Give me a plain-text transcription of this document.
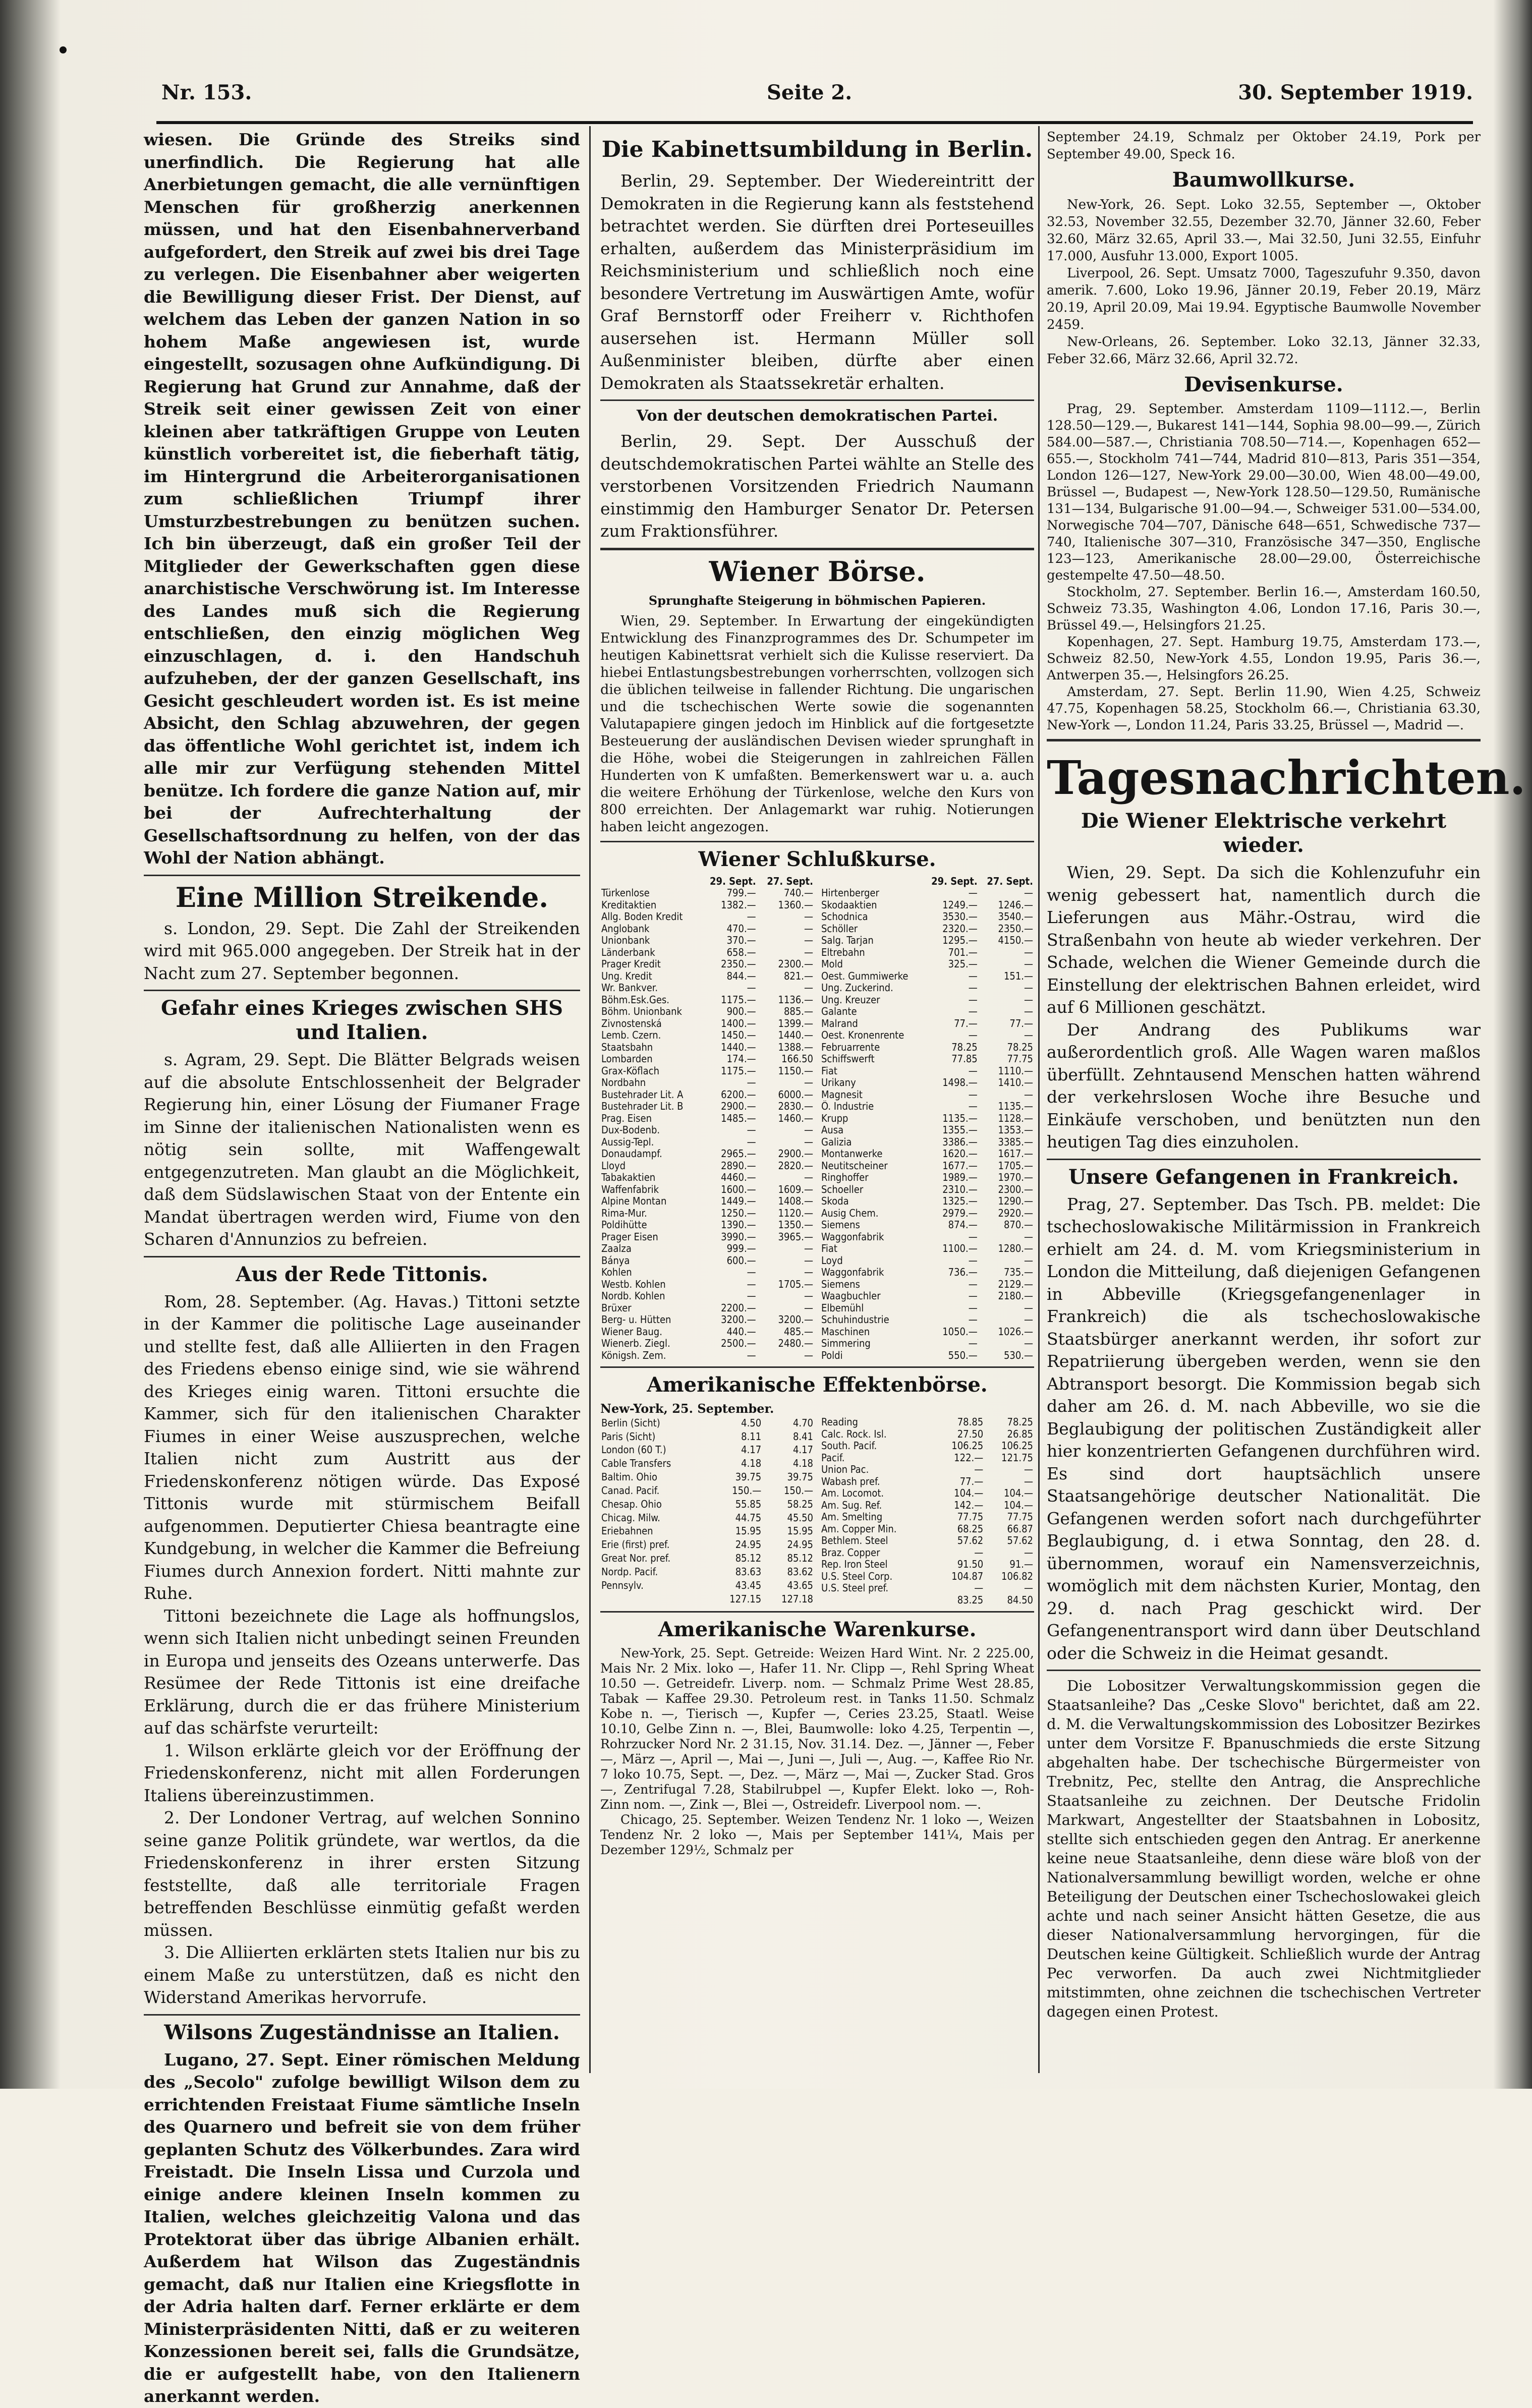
Nr. 153.	Seite 2.	30. September 1919.

wiesen. Die Gründe des Streiks sind unerfindlich. Die Regierung hat alle Anerbietungen gemacht, die alle vernünftigen Menschen für großherzig anerkennen müssen, und hat den Eisenbahnerverband aufgefordert, den Streik auf zwei bis drei Tage zu verlegen. Die Eisenbahner aber weigerten die Bewilligung dieser Frist. Der Dienst, auf welchem das Leben der ganzen Nation in so hohem Maße angewiesen ist, wurde eingestellt, sozusagen ohne Aufkündigung. Di Regierung hat Grund zur Annahme, daß der Streik seit einer gewissen Zeit von einer kleinen aber tatkräftigen Gruppe von Leuten künstlich vorbereitet ist, die fieberhaft tätig, im Hintergrund die Arbeiterorganisationen zum schließlichen Triumpf ihrer Umsturzbestrebungen zu benützen suchen. Ich bin überzeugt, daß ein großer Teil der Mitglieder der Gewerkschaften ggen diese anarchistische Verschwörung ist. Im Interesse des Landes muß sich die Regierung entschließen, den einzig möglichen Weg einzuschlagen, d. i. den Handschuh aufzuheben, der der ganzen Gesellschaft, ins Gesicht geschleudert worden ist. Es ist meine Absicht, den Schlag abzuwehren, der gegen das öffentliche Wohl gerichtet ist, indem ich alle mir zur Verfügung stehenden Mittel benütze. Ich fordere die ganze Nation auf, mir bei der Aufrechterhaltung der Gesellschaftsordnung zu helfen, von der das Wohl der Nation abhängt.

Eine Million Streikende.

s. London, 29. Sept. Die Zahl der Streikenden wird mit 965.000 angegeben. Der Streik hat in der Nacht zum 27. September begonnen.

Gefahr eines Krieges zwischen SHS und Italien.

s. Agram, 29. Sept. Die Blätter Belgrads weisen auf die absolute Entschlossenheit der Belgrader Regierung hin, einer Lösung der Fiumaner Frage im Sinne der italienischen Nationalisten wenn es nötig sein sollte, mit Waffengewalt entgegenzutreten. Man glaubt an die Möglichkeit, daß dem Südslawischen Staat von der Entente ein Mandat übertragen werden wird, Fiume von den Scharen d'Annunzios zu befreien.

Aus der Rede Tittonis.

Rom, 28. September. (Ag. Havas.) Tittoni setzte in der Kammer die politische Lage auseinander und stellte fest, daß alle Alliierten in den Fragen des Friedens ebenso einige sind, wie sie während des Krieges einig waren. Tittoni ersuchte die Kammer, sich für den italienischen Charakter Fiumes in einer Weise auszusprechen, welche Italien nicht zum Austritt aus der Friedenskonferenz nötigen würde. Das Exposé Tittonis wurde mit stürmischem Beifall aufgenommen. Deputierter Chiesa beantragte eine Kundgebung, in welcher die Kammer die Befreiung Fiumes durch Annexion fordert. Nitti mahnte zur Ruhe.

Tittoni bezeichnete die Lage als hoffnungslos, wenn sich Italien nicht unbedingt seinen Freunden in Europa und jenseits des Ozeans unterwerfe. Das Resümee der Rede Tittonis ist eine dreifache Erklärung, durch die er das frühere Ministerium auf das schärfste verurteilt:

1. Wilson erklärte gleich vor der Eröffnung der Friedenskonferenz, nicht mit allen Forderungen Italiens übereinzustimmen.

2. Der Londoner Vertrag, auf welchen Sonnino seine ganze Politik gründete, war wertlos, da die Friedenskonferenz in ihrer ersten Sitzung feststellte, daß alle territoriale Fragen betreffenden Beschlüsse einmütig gefaßt werden müssen.

3. Die Alliierten erklärten stets Italien nur bis zu einem Maße zu unterstützen, daß es nicht den Widerstand Amerikas hervorrufe.

Wilsons Zugeständnisse an Italien.

Lugano, 27. Sept. Einer römischen Meldung des „Secolo" zufolge bewilligt Wilson dem zu errichtenden Freistaat Fiume sämtliche Inseln des Quarnero und befreit sie von dem früher geplanten Schutz des Völkerbundes. Zara wird Freistadt. Die Inseln Lissa und Curzola und einige andere kleinen Inseln kommen zu Italien, welches gleichzeitig Valona und das Protektorat über das übrige Albanien erhält. Außerdem hat Wilson das Zugeständnis gemacht, daß nur Italien eine Kriegsflotte in der Adria halten darf. Ferner erklärte er dem Ministerpräsidenten Nitti, daß er zu weiteren Konzessionen bereit sei, falls die Grundsätze, die er aufgestellt habe, von den Italienern anerkannt werden.

Die Kabinettsumbildung in Berlin.

Berlin, 29. September. Der Wiedereintritt der Demokraten in die Regierung kann als feststehend betrachtet werden. Sie dürften drei Porteseuilles erhalten, außerdem das Ministerpräsidium im Reichsministerium und schließlich noch eine besondere Vertretung im Auswärtigen Amte, wofür Graf Bernstorff oder Freiherr v. Richthofen ausersehen ist. Hermann Müller soll Außenminister bleiben, dürfte aber einen Demokraten als Staatssekretär erhalten.

Von der deutschen demokratischen Partei.

Berlin, 29. Sept. Der Ausschuß der deutschdemokratischen Partei wählte an Stelle des verstorbenen Vorsitzenden Friedrich Naumann einstimmig den Hamburger Senator Dr. Petersen zum Fraktionsführer.

Wiener Börse.
Sprunghafte Steigerung in böhmischen Papieren.

Wien, 29. September. In Erwartung der eingekündigten Entwicklung des Finanzprogrammes des Dr. Schumpeter im heutigen Kabinettsrat verhielt sich die Kulisse reserviert. Da hiebei Entlastungsbestrebungen vorherrschten, vollzogen sich die üblichen teilweise in fallender Richtung. Die ungarischen und die tschechischen Werte sowie die sogenannten Valutapapiere gingen jedoch im Hinblick auf die fortgesetzte Besteuerung der ausländischen Devisen wieder sprunghaft in die Höhe, wobei die Steigerungen in zahlreichen Fällen Hunderten von K umfaßten. Bemerkenswert war u. a. auch die weitere Erhöhung der Türkenlose, welche den Kurs von 800 erreichten. Der Anlagemarkt war ruhig. Notierungen haben leicht angezogen.

Wiener Schlußkurse.
	29. Sept.	27. Sept.
Türkenlose	799.—	740.—
Kreditaktien	1382.—	1360.—
Allg. Boden Kredit	—	—
Anglobank	470.—	—
Unionbank	370.—	—
Länderbank	658.—	—
Prager Kredit	2350.—	2300.—
Ung. Kredit	844.—	821.—
Wr. Bankver.	—	—
Böhm.Esk.Ges.	1175.—	1136.—
Böhm. Unionbank	900.—	885.—
Zivnostenská	1400.—	1399.—
Lemb. Czern.	1450.—	1440.—
Staatsbahn	1440.—	1388.—
Lombarden	174.—	166.50
Grax-Köflach	1175.—	1150.—
Nordbahn	—	—
Bustehrader Lit. A	6200.—	6000.—
Bustehrader Lit. B	2900.—	2830.—
Prag. Eisen	1485.—	1460.—
Dux-Bodenb.	—	—
Aussig-Tepl.	—	—
Donaudampf.	2965.—	2900.—
Lloyd	2890.—	2820.—
Tabakaktien	4460.—	—
Waffenfabrik	1600.—	1609.—
Alpine Montan	1449.—	1408.—
Rima-Mur.	1250.—	1120.—
Poldihütte	1390.—	1350.—
Prager Eisen	3990.—	3965.—
Zaalza	999.—	—
Bánya	600.—	—
Kohlen	—	—
Westb. Kohlen	—	1705.—
Nordb. Kohlen	—	—
Brüxer	2200.—	—
Berg- u. Hütten	3200.—	3200.—
Wiener Baug.	440.—	485.—
Wienerb. Ziegl.	2500.—	2480.—
Königsh. Zem.	—	—
	29. Sept.	27. Sept.
Hirtenberger	—	—
Skodaaktien	1249.—	1246.—
Schodnica	3530.—	3540.—
Schöller	2320.—	2350.—
Salg. Tarjan	1295.—	4150.—
Eltrebahn	701.—	—
Mold	325.—	—
Oest. Gummiwerke	—	151.—
Ung. Zuckerind.	—	—
Ung. Kreuzer	—	—
Galante	—	—
Malrand	77.—	77.—
Oest. Kronenrente	—	—
Februarrente	78.25	78.25
Schiffswerft	77.85	77.75
Fiat	—	1110.—
Urikany	1498.—	1410.—
Magnesit	—	—
Ö. Industrie	—	1135.—
Krupp	1135.—	1128.—
Ausa	1355.—	1353.—
Galizia	3386.—	3385.—
Montanwerke	1620.—	1617.—
Neutitscheiner	1677.—	1705.—
Ringhoffer	1989.—	1970.—
Schoeller	2310.—	2300.—
Skoda	1325.—	1290.—
Ausig Chem.	2979.—	2920.—
Siemens	874.—	870.—
Waggonfabrik	—	—
Fiat	1100.—	1280.—
Loyd	—	—
Waggonfabrik	736.—	735.—
Siemens	—	2129.—
Waagbuchler	—	2180.—
Elbemühl	—	—
Schuhindustrie	—	—
Maschinen	1050.—	1026.—
Simmering	—	—
Poldi	550.—	530.—
Amerikanische Effektenbörse.
New-York, 25. September.
Berlin (Sicht)	4.50	4.70
Paris (Sicht)	8.11	8.41
London (60 T.)	4.17	4.17
Cable Transfers	4.18	4.18
Baltim. Ohio	39.75	39.75
Canad. Pacif.	150.—	150.—
Chesap. Ohio	55.85	58.25
Chicag. Milw.	44.75	45.50
Eriebahnen	15.95	15.95
Erie (first) pref.	24.95	24.95
Great Nor. pref.	85.12	85.12
Nordp. Pacif.	83.63	83.62
Pennsylv.	43.45	43.65
	127.15	127.18
Reading	78.85	78.25
Calc. Rock. Isl.	27.50	26.85
South. Pacif.	106.25	106.25
Pacif.	122.—	121.75
Union Pac.	—	—
Wabash pref.	77.—	—
Am. Locomot.	104.—	104.—
Am. Sug. Ref.	142.—	104.—
Am. Smelting	77.75	77.75
Am. Copper Min.	68.25	66.87
Bethlem. Steel	57.62	57.62
Braz. Copper	—	—
Rep. Iron Steel	91.50	91.—
U.S. Steel Corp.	104.87	106.82
U.S. Steel pref.	—	—
	83.25	84.50
Amerikanische Warenkurse.

New-York, 25. Sept. Getreide: Weizen Hard Wint. Nr. 2 225.00, Mais Nr. 2 Mix. loko —, Hafer 11. Nr. Clipp —, Rehl Spring Wheat 10.50 —. Getreidefr. Liverp. nom. — Schmalz Prime West 28.85, Tabak — Kaffee 29.30. Petroleum rest. in Tanks 11.50. Schmalz Kobe n. —, Tierisch —, Kupfer —, Ceries 23.25, Staatl. Weise 10.10, Gelbe Zinn n. —, Blei, Baumwolle: loko 4.25, Terpentin —, Rohrzucker Nord Nr. 2 31.15, Nov. 31.14. Dez. —, Jänner —, Feber —, März —, April —, Mai —, Juni —, Juli —, Aug. —, Kaffee Rio Nr. 7 loko 10.75, Sept. —, Dez. —, März —, Mai —, Zucker Stad. Gros —, Zentrifugal 7.28, Stabilrubpel —, Kupfer Elekt. loko —, Roh-Zinn nom. —, Zink —, Blei —, Ostreidefr. Liverpool nom. —.

Chicago, 25. September. Weizen Tendenz Nr. 1 loko —, Weizen Tendenz Nr. 2 loko —, Mais per September 141¼, Mais per Dezember 129½, Schmalz per

September 24.19, Schmalz per Oktober 24.19, Pork per September 49.00, Speck 16.

Baumwollkurse.

New-York, 26. Sept. Loko 32.55, September —, Oktober 32.53, November 32.55, Dezember 32.70, Jänner 32.60, Feber 32.60, März 32.65, April 33.—, Mai 32.50, Juni 32.55, Einfuhr 17.000, Ausfuhr 13.000, Export 1005.

Liverpool, 26. Sept. Umsatz 7000, Tageszufuhr 9.350, davon amerik. 7.600, Loko 19.96, Jänner 20.19, Feber 20.19, März 20.19, April 20.09, Mai 19.94. Egyptische Baumwolle November 2459.

New-Orleans, 26. September. Loko 32.13, Jänner 32.33, Feber 32.66, März 32.66, April 32.72.

Devisenkurse.

Prag, 29. September. Amsterdam 1109—1112.—, Berlin 128.50—129.—, Bukarest 141—144, Sophia 98.00—99.—, Zürich 584.00—587.—, Christiania 708.50—714.—, Kopenhagen 652—655.—, Stockholm 741—744, Madrid 810—813, Paris 351—354, London 126—127, New-York 29.00—30.00, Wien 48.00—49.00, Brüssel —, Budapest —, New-York 128.50—129.50, Rumänische 131—134, Bulgarische 91.00—94.—, Schweiger 531.00—534.00, Norwegische 704—707, Dänische 648—651, Schwedische 737—740, Italienische 307—310, Französische 347—350, Englische 123—123, Amerikanische 28.00—29.00, Österreichische gestempelte 47.50—48.50.

Stockholm, 27. September. Berlin 16.—, Amsterdam 160.50, Schweiz 73.35, Washington 4.06, London 17.16, Paris 30.—, Brüssel 49.—, Helsingfors 21.25.

Kopenhagen, 27. Sept. Hamburg 19.75, Amsterdam 173.—, Schweiz 82.50, New-York 4.55, London 19.95, Paris 36.—, Antwerpen 35.—, Helsingfors 26.25.

Amsterdam, 27. Sept. Berlin 11.90, Wien 4.25, Schweiz 47.75, Kopenhagen 58.25, Stockholm 66.—, Christiania 63.30, New-York —, London 11.24, Paris 33.25, Brüssel —, Madrid —.

Tagesnachrichten.
Die Wiener Elektrische verkehrt wieder.

Wien, 29. Sept. Da sich die Kohlenzufuhr ein wenig gebessert hat, namentlich durch die Lieferungen aus Mähr.-Ostrau, wird die Straßenbahn von heute ab wieder verkehren. Der Schade, welchen die Wiener Gemeinde durch die Einstellung der elektrischen Bahnen erleidet, wird auf 6 Millionen geschätzt.

Der Andrang des Publikums war außerordentlich groß. Alle Wagen waren maßlos überfüllt. Zehntausend Menschen hatten während der verkehrslosen Woche ihre Besuche und Einkäufe verschoben, und benützten nun den heutigen Tag dies einzuholen.

Unsere Gefangenen in Frankreich.

Prag, 27. September. Das Tsch. PB. meldet: Die tschechoslowakische Militärmission in Frankreich erhielt am 24. d. M. vom Kriegsministerium in London die Mitteilung, daß diejenigen Gefangenen in Abbeville (Kriegsgefangenenlager in Frankreich) die als tschechoslowakische Staatsbürger anerkannt werden, ihr sofort zur Repatriierung übergeben werden, wenn sie den Abtransport besorgt. Die Kommission begab sich daher am 26. d. M. nach Abbeville, wo sie die Beglaubigung der politischen Zuständigkeit aller hier konzentrierten Gefangenen durchführen wird. Es sind dort hauptsächlich unsere Staatsangehörige deutscher Nationalität. Die Gefangenen werden sofort nach durchgeführter Beglaubigung, d. i etwa Sonntag, den 28. d. übernommen, worauf ein Namensverzeichnis, womöglich mit dem nächsten Kurier, Montag, den 29. d. nach Prag geschickt wird. Der Gefangenentransport wird dann über Deutschland oder die Schweiz in die Heimat gesandt.

Die Lobositzer Verwaltungskommission gegen die Staatsanleihe? Das „Ceske Slovo" berichtet, daß am 22. d. M. die Verwaltungskommission des Lobositzer Bezirkes unter dem Vorsitze F. Bpanuschmieds die erste Sitzung abgehalten habe. Der tschechische Bürgermeister von Trebnitz, Pec, stellte den Antrag, die Ansprechliche Staatsanleihe zu zeichnen. Der Deutsche Fridolin Markwart, Angestellter der Staatsbahnen in Lobositz, stellte sich entschieden gegen den Antrag. Er anerkenne keine neue Staatsanleihe, denn diese wäre bloß von der Nationalversammlung bewilligt worden, welche er ohne Beteiligung der Deutschen einer Tschechoslowakei gleich achte und nach seiner Ansicht hätten Gesetze, die aus dieser Nationalversammlung hervorgingen, für die Deutschen keine Gültigkeit. Schließlich wurde der Antrag Pec verworfen. Da auch zwei Nichtmitglieder mitstimmten, ohne zeichnen die tschechischen Vertreter dagegen einen Protest.
